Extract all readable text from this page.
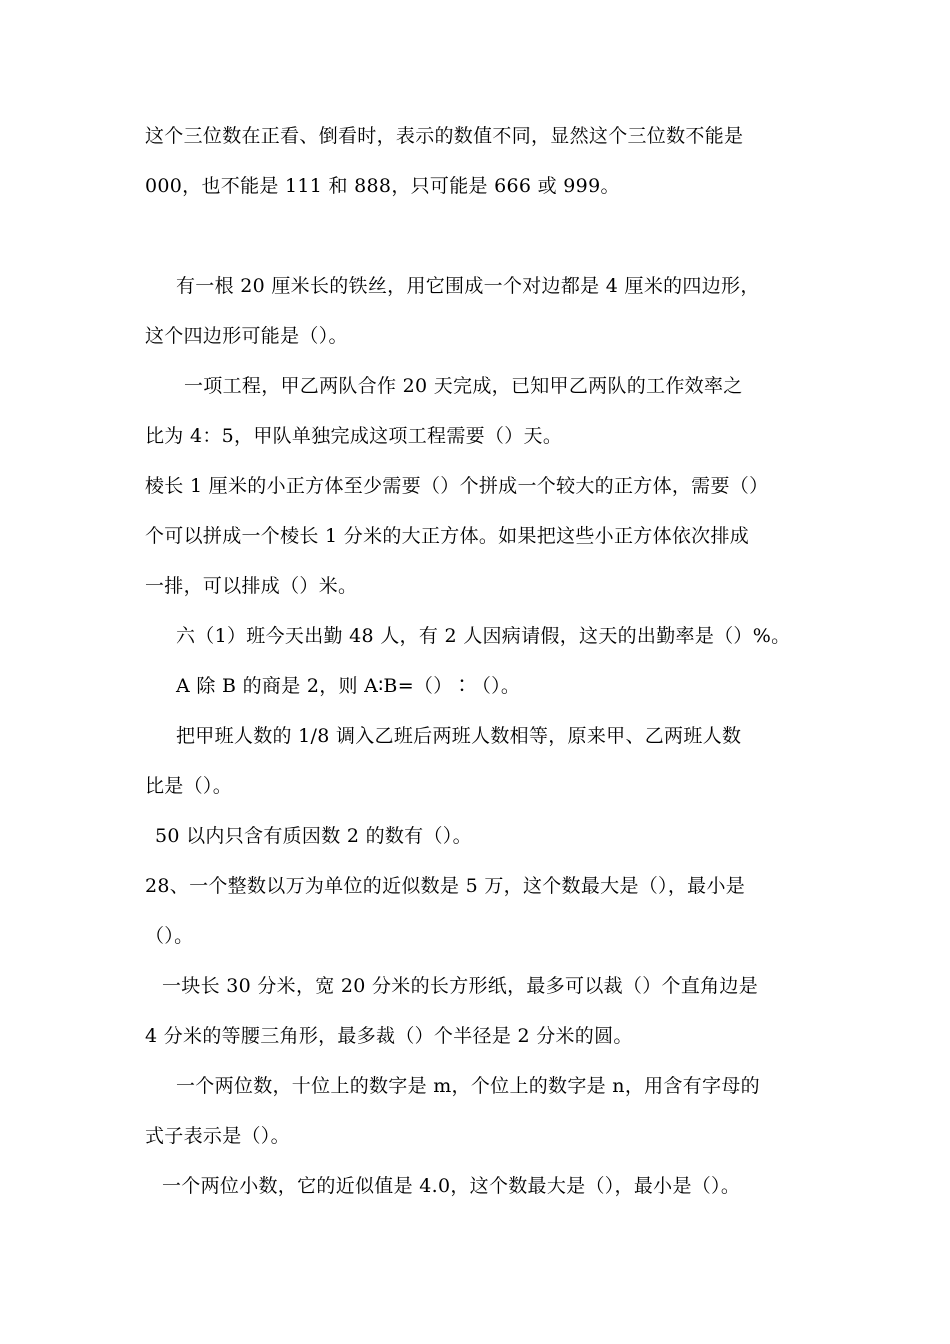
这个三位数在正看、倒看时，表示的数值不同，显然这个三位数不能是
000，也不能是 111 和 888，只可能是 666 或 999。
有一根 20 厘米长的铁丝，用它围成一个对边都是 4 厘米的四边形，
这个四边形可能是（）。
一项工程，甲乙两队合作 20 天完成，已知甲乙两队的工作效率之
比为 4：5，甲队单独完成这项工程需要（）天。
棱长 1 厘米的小正方体至少需要（）个拼成一个较大的正方体，需要（）
个可以拼成一个棱长 1 分米的大正方体。如果把这些小正方体依次排成
一排，可以排成（）米。
六（1）班今天出勤 48 人，有 2 人因病请假，这天的出勤率是（）%。
A 除 B 的商是 2，则 A∶B=（）∶（）。
把甲班人数的 1/8 调入乙班后两班人数相等，原来甲、乙两班人数
比是（）。
50 以内只含有质因数 2 的数有（）。
28、一个整数以万为单位的近似数是 5 万，这个数最大是（），最小是
（）。
一块长 30 分米，宽 20 分米的长方形纸，最多可以裁（）个直角边是
4 分米的等腰三角形，最多裁（）个半径是 2 分米的圆。
一个两位数，十位上的数字是 m，个位上的数字是 n，用含有字母的
式子表示是（）。
一个两位小数，它的近似值是 4.0，这个数最大是（），最小是（）。
